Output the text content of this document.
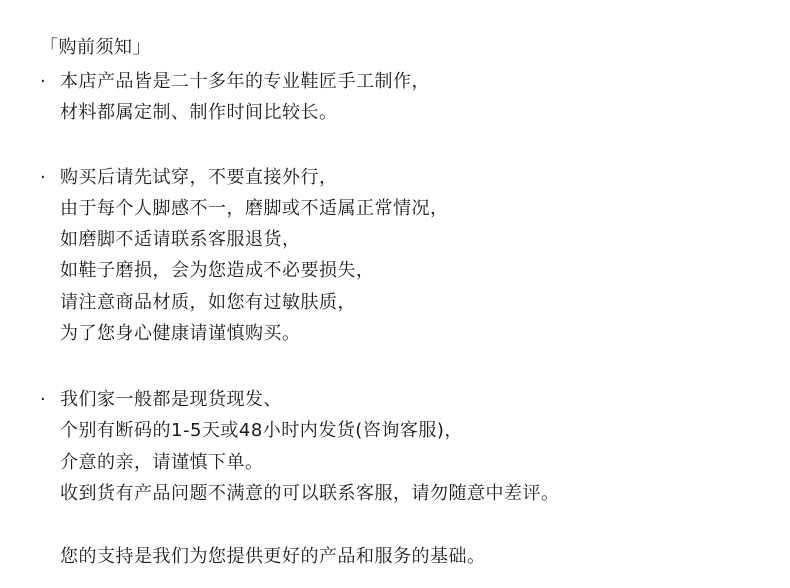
「购前须知」
· 本店产品皆是二十多年的专业鞋匠手工制作，
材料都属定制、制作时间比较长。
· 购买后请先试穿，不要直接外行，
由于每个人脚感不一，磨脚或不适属正常情况，
如磨脚不适请联系客服退货，
如鞋子磨损，会为您造成不必要损失，
请注意商品材质，如您有过敏肤质，
为了您身心健康请谨慎购买。
· 我们家一般都是现货现发、
个别有断码的1-5天或48小时内发货(咨询客服)，
介意的亲，请谨慎下单。
收到货有产品问题不满意的可以联系客服，请勿随意中差评。
您的支持是我们为您提供更好的产品和服务的基础。
